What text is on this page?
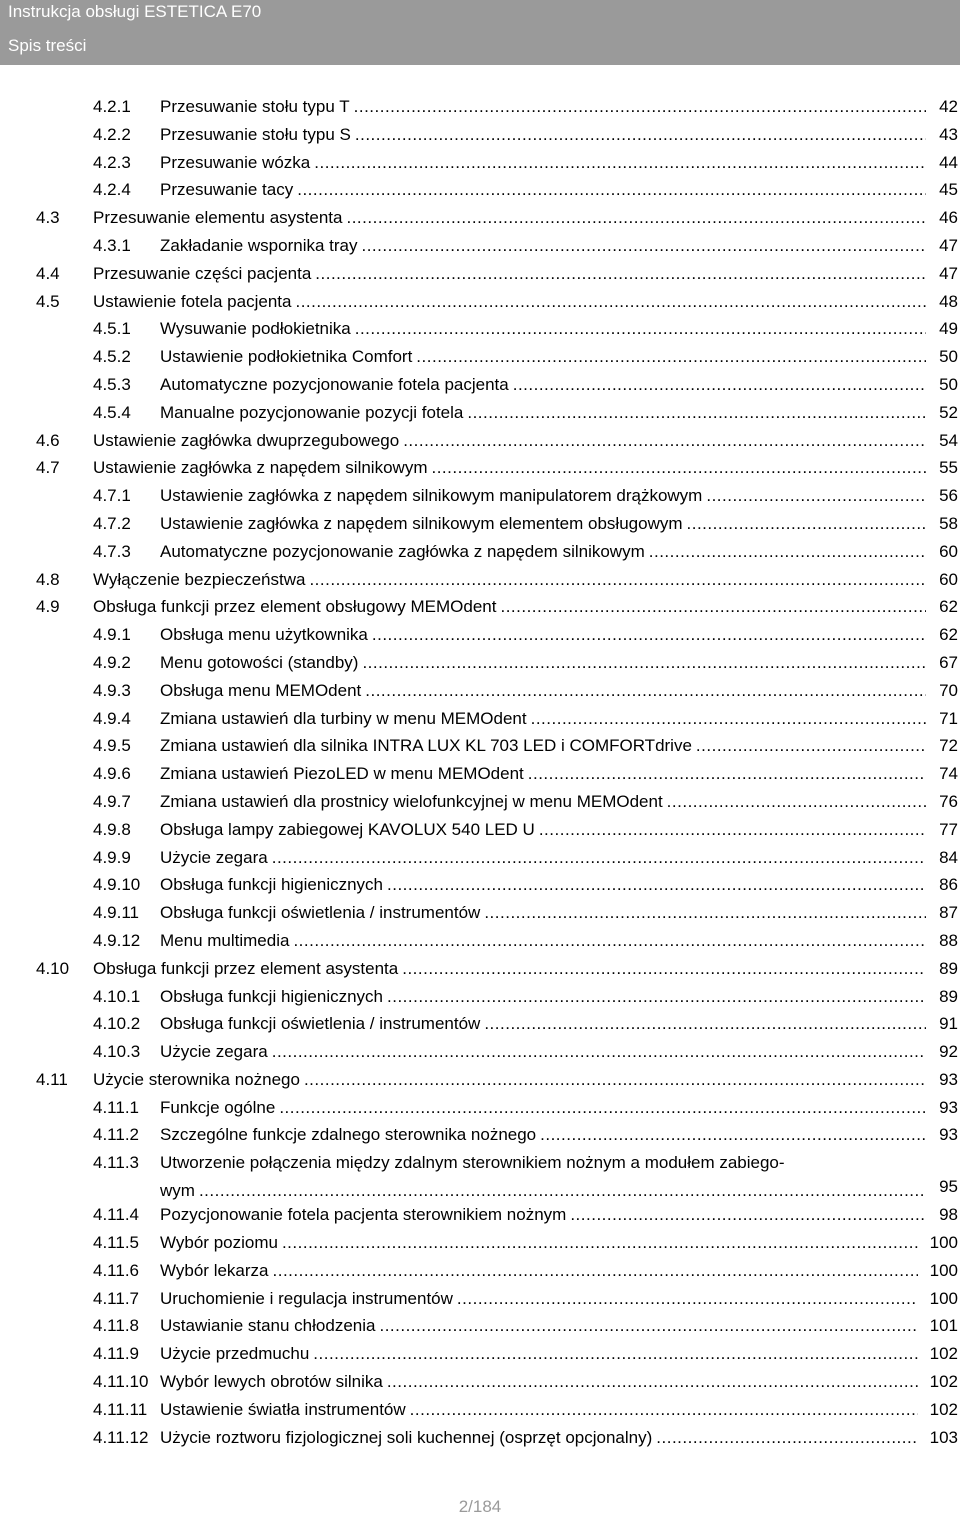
Instrukcja obsługi ESTETICA E70
Spis treści
4.2.1 Przesuwanie stołu typu T .....	42
4.2.2 Przesuwanie stołu typu S .....	43
4.2.3 Przesuwanie wózka .....	44
4.2.4 Przesuwanie tacy .....	45
4.3 Przesuwanie elementu asystenta .....	46
4.3.1 Zakładanie wspornika tray .....	47
4.4 Przesuwanie części pacjenta .....	47
4.5 Ustawienie fotela pacjenta .....	48
4.5.1 Wysuwanie podłokietnika .....	49
4.5.2 Ustawienie podłokietnika Comfort .....	50
4.5.3 Automatyczne pozycjonowanie fotela pacjenta .....	50
4.5.4 Manualne pozycjonowanie pozycji fotela .....	52
4.6 Ustawienie zagłówka dwuprzegubowego .....	54
4.7 Ustawienie zagłówka z napędem silnikowym .....	55
4.7.1 Ustawienie zagłówka z napędem silnikowym manipulatorem drążkowym .....	56
4.7.2 Ustawienie zagłówka z napędem silnikowym elementem obsługowym .....	58
4.7.3 Automatyczne pozycjonowanie zagłówka z napędem silnikowym .....	60
4.8 Wyłączenie bezpieczeństwa .....	60
4.9 Obsługa funkcji przez element obsługowy MEMOdent .....	62
4.9.1 Obsługa menu użytkownika .....	62
4.9.2 Menu gotowości (standby) .....	67
4.9.3 Obsługa menu MEMOdent .....	70
4.9.4 Zmiana ustawień dla turbiny w menu MEMOdent .....	71
4.9.5 Zmiana ustawień dla silnika INTRA LUX KL 703 LED i COMFORTdrive .....	72
4.9.6 Zmiana ustawień PiezoLED w menu MEMOdent .....	74
4.9.7 Zmiana ustawień dla prostnicy wielofunkcyjnej w menu MEMOdent .....	76
4.9.8 Obsługa lampy zabiegowej KAVOLUX 540 LED U .....	77
4.9.9 Użycie zegara .....	84
4.9.10 Obsługa funkcji higienicznych .....	86
4.9.11 Obsługa funkcji oświetlenia / instrumentów .....	87
4.9.12 Menu multimedia .....	88
4.10 Obsługa funkcji przez element asystenta .....	89
4.10.1 Obsługa funkcji higienicznych .....	89
4.10.2 Obsługa funkcji oświetlenia / instrumentów .....	91
4.10.3 Użycie zegara .....	92
4.11 Użycie sterownika nożnego .....	93
4.11.1 Funkcje ogólne .....	93
4.11.2 Szczególne funkcje zdalnego sterownika nożnego .....	93
4.11.3 Utworzenie połączenia między zdalnym sterownikiem nożnym a modułem zabiego-
wym .....	95
4.11.4 Pozycjonowanie fotela pacjenta sterownikiem nożnym .....	98
4.11.5 Wybór poziomu .....	100
4.11.6 Wybór lekarza .....	100
4.11.7 Uruchomienie i regulacja instrumentów .....	100
4.11.8 Ustawianie stanu chłodzenia .....	101
4.11.9 Użycie przedmuchu .....	102
4.11.10 Wybór lewych obrotów silnika .....	102
4.11.11 Ustawienie światła instrumentów .....	102
4.11.12 Użycie roztworu fizjologicznej soli kuchennej (osprzęt opcjonalny) .....	103
2/184
